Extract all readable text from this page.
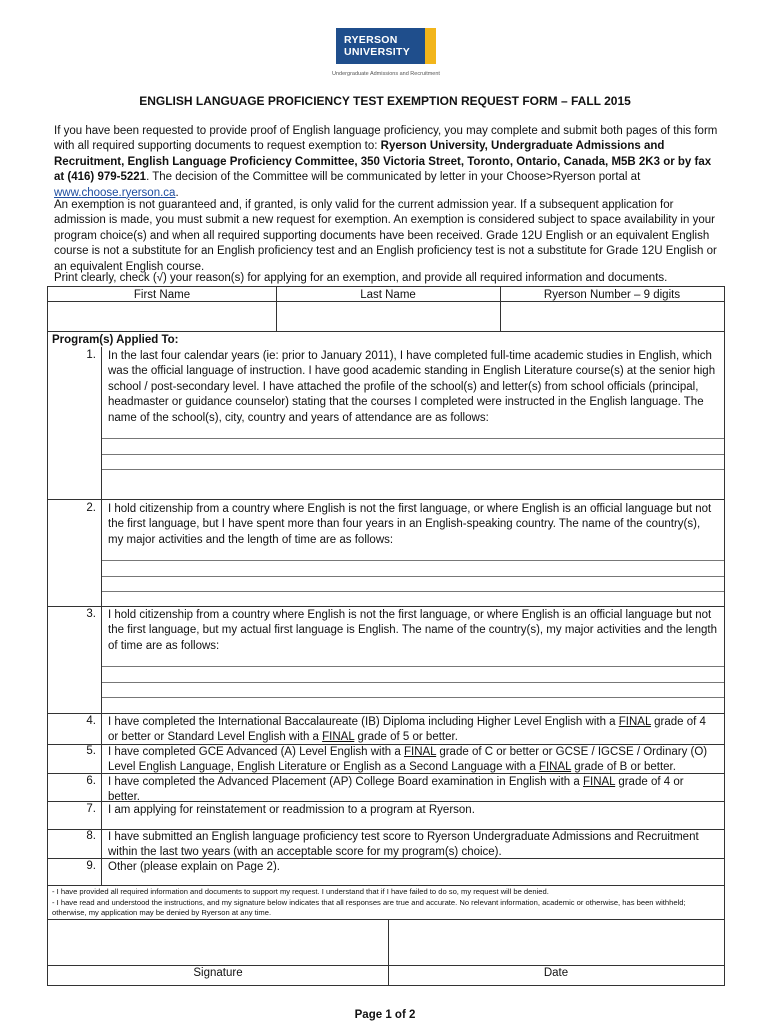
RYERSON
UNIVERSITY
Undergraduate Admissions and Recruitment
ENGLISH LANGUAGE PROFICIENCY TEST EXEMPTION REQUEST FORM – FALL 2015
If you have been requested to provide proof of English language proficiency, you may complete and submit both pages of this form with all required supporting documents to request exemption to: Ryerson University, Undergraduate Admissions and Recruitment, English Language Proficiency Committee, 350 Victoria Street, Toronto, Ontario, Canada, M5B 2K3 or by fax at (416) 979-5221. The decision of the Committee will be communicated by letter in your Choose>Ryerson portal at www.choose.ryerson.ca.
An exemption is not guaranteed and, if granted, is only valid for the current admission year. If a subsequent application for admission is made, you must submit a new request for exemption. An exemption is considered subject to space availability in your program choice(s) and when all required supporting documents have been received. Grade 12U English or an equivalent English course is not a substitute for an English proficiency test and an English proficiency test is not a substitute for Grade 12U English or an equivalent English course.
Print clearly, check (√) your reason(s) for applying for an exemption, and provide all required information and documents.
First Name	Last Name	Ryerson Number – 9 digits
Program(s) Applied To:
1. In the last four calendar years (ie: prior to January 2011), I have completed full-time academic studies in English, which was the official language of instruction. I have good academic standing in English Literature course(s) at the senior high school / post-secondary level. I have attached the profile of the school(s) and letter(s) from school officials (principal, headmaster or guidance counselor) stating that the courses I completed were instructed in the English language. The name of the school(s), city, country and years of attendance are as follows:
2. I hold citizenship from a country where English is not the first language, or where English is an official language but not the first language, but I have spent more than four years in an English-speaking country. The name of the country(s), my major activities and the length of time are as follows:
3. I hold citizenship from a country where English is not the first language, or where English is an official language but not the first language, but my actual first language is English. The name of the country(s), my major activities and the length of time are as follows:
4. I have completed the International Baccalaureate (IB) Diploma including Higher Level English with a FINAL grade of 4 or better or Standard Level English with a FINAL grade of 5 or better.
5. I have completed GCE Advanced (A) Level English with a FINAL grade of C or better or GCSE / IGCSE / Ordinary (O) Level English Language, English Literature or English as a Second Language with a FINAL grade of B or better.
6. I have completed the Advanced Placement (AP) College Board examination in English with a FINAL grade of 4 or better.
7. I am applying for reinstatement or readmission to a program at Ryerson.
8. I have submitted an English language proficiency test score to Ryerson Undergraduate Admissions and Recruitment within the last two years (with an acceptable score for my program(s) choice).
9. Other (please explain on Page 2).
- I have provided all required information and documents to support my request. I understand that if I have failed to do so, my request will be denied.
- I have read and understood the instructions, and my signature below indicates that all responses are true and accurate. No relevant information, academic or otherwise, has been withheld; otherwise, my application may be denied by Ryerson at any time.
Signature	Date
Page 1 of 2
